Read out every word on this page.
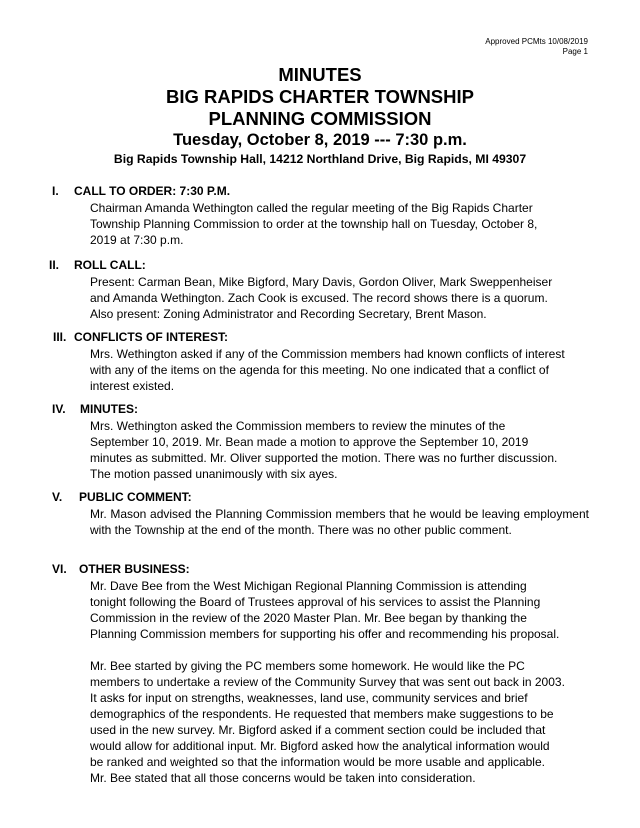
Approved PCMts 10/08/2019
Page 1
MINUTES
BIG RAPIDS CHARTER TOWNSHIP
PLANNING COMMISSION
Tuesday, October 8, 2019 --- 7:30 p.m.
Big Rapids Township Hall, 14212 Northland Drive, Big Rapids, MI 49307
I. CALL TO ORDER: 7:30 P.M.

Chairman Amanda Wethington called the regular meeting of the Big Rapids Charter

Township Planning Commission to order at the township hall on Tuesday, October 8,

2019 at 7:30 p.m.

II. ROLL CALL:

Present: Carman Bean, Mike Bigford, Mary Davis, Gordon Oliver, Mark Sweppenheiser

and Amanda Wethington. Zach Cook is excused. The record shows there is a quorum.

Also present: Zoning Administrator and Recording Secretary, Brent Mason.

III. CONFLICTS OF INTEREST:

Mrs. Wethington asked if any of the Commission members had known conflicts of interest

with any of the items on the agenda for this meeting. No one indicated that a conflict of

interest existed.

IV. MINUTES:

Mrs. Wethington asked the Commission members to review the minutes of the

September 10, 2019. Mr. Bean made a motion to approve the September 10, 2019

minutes as submitted. Mr. Oliver supported the motion. There was no further discussion.

The motion passed unanimously with six ayes.

V. PUBLIC COMMENT:

Mr. Mason advised the Planning Commission members that he would be leaving employment with the Township at the end of the month. There was no other public comment.

VI. OTHER BUSINESS:

Mr. Dave Bee from the West Michigan Regional Planning Commission is attending

tonight following the Board of Trustees approval of his services to assist the Planning

Commission in the review of the 2020 Master Plan. Mr. Bee began by thanking the

Planning Commission members for supporting his offer and recommending his proposal.

Mr. Bee started by giving the PC members some homework. He would like the PC

members to undertake a review of the Community Survey that was sent out back in 2003.

It asks for input on strengths, weaknesses, land use, community services and brief

demographics of the respondents. He requested that members make suggestions to be

used in the new survey. Mr. Bigford asked if a comment section could be included that

would allow for additional input. Mr. Bigford asked how the analytical information would

be ranked and weighted so that the information would be more usable and applicable.

Mr. Bee stated that all those concerns would be taken into consideration.
